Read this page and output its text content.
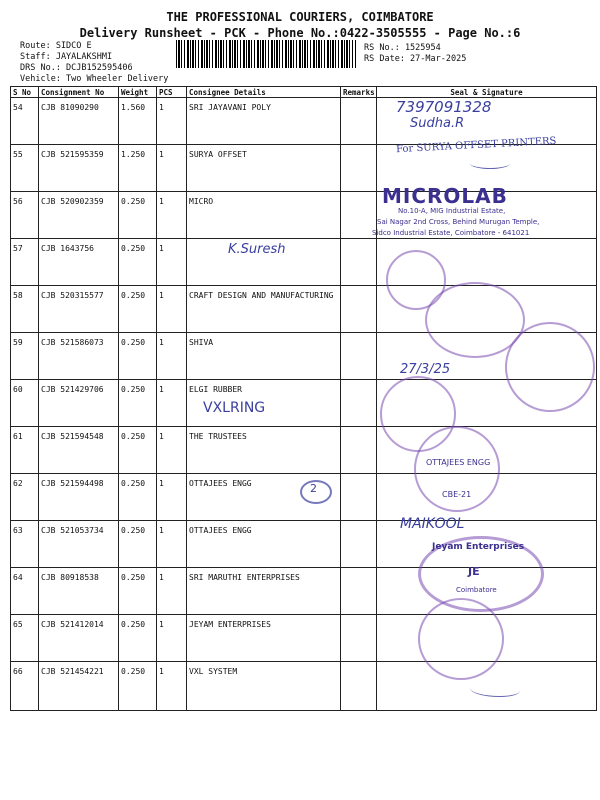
THE PROFESSIONAL COURIERS, COIMBATORE
Delivery Runsheet - PCK - Phone No.:0422-3505555 - Page No.:6
Route: SIDCO E
Staff: JAYALAKSHMI
DRS No.: DCJB152595406
Vehicle: Two Wheeler Delivery
RS No.: 1525954
RS Date: 27-Mar-2025
S No	Consignment No	Weight	PCS	Consignee Details	Remarks	Seal & Signature
54	CJB 81090290	1.560	1	SRI JAYAVANI POLY		
55	CJB 521595359	1.250	1	SURYA OFFSET		
56	CJB 520902359	0.250	1	MICRO		
57	CJB 1643756	0.250	1			
58	CJB 520315577	0.250	1	CRAFT DESIGN AND MANUFACTURING		
59	CJB 521586073	0.250	1	SHIVA		
60	CJB 521429706	0.250	1	ELGI RUBBER		
61	CJB 521594548	0.250	1	THE TRUSTEES		
62	CJB 521594498	0.250	1	OTTAJEES ENGG		
63	CJB 521053734	0.250	1	OTTAJEES ENGG		
64	CJB 80918538	0.250	1	SRI MARUTHI ENTERPRISES		
65	CJB 521412014	0.250	1	JEYAM ENTERPRISES		
66	CJB 521454221	0.250	1	VXL SYSTEM		
7397091328
Sudha.R
For SURYA OFFSET PRINTERS
MICROLAB
No.10-A, MIG Industrial Estate,
Sai Nagar 2nd Cross, Behind Murugan Temple,
Sidco Industrial Estate, Coimbatore - 641021
K.Suresh
27/3/25
VXLRING
OTTAJEES ENGG
CBE-21
2
MAIKOOL
Jeyam Enterprises
JE
Coimbatore
